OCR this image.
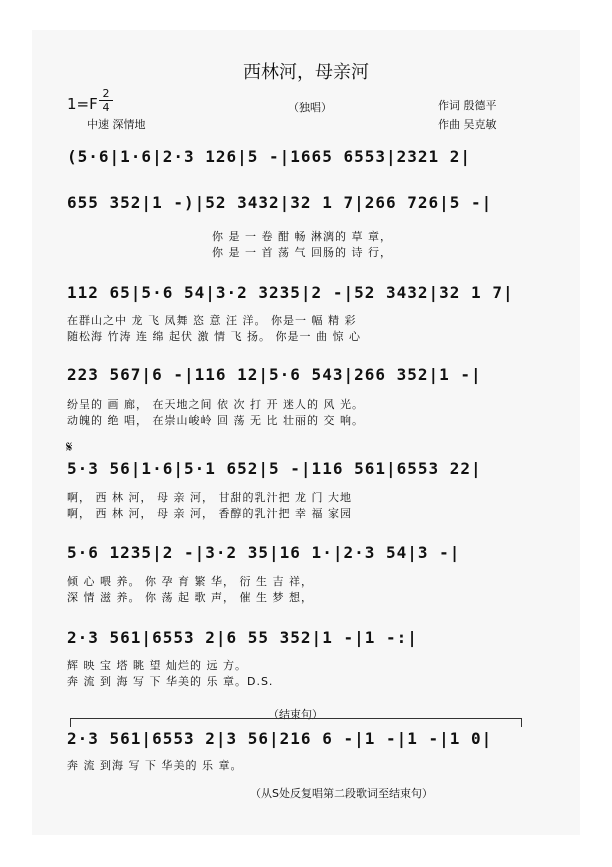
西林河，母亲河
1=F
2
4
中速 深情地
（独唱）	作词 殷德平
作曲 吴克敏
(5·6|1·6|2·3 126|5 -|1665 6553|2321 2|
655 352|1 -)|52 3432|32 1 7|266 726|5 -|
你 是 一 卷 酣 畅 淋漓的 草 章，
你 是 一 首 荡 气 回肠的 诗 行，
112 65|5·6 54|3·2 3235|2 -|52 3432|32 1 7|
在群山之中 龙 飞 凤舞 恣 意 汪 洋。 你是一 幅 精 彩
随松海 竹涛 连 绵 起伏 激 情 飞 扬。 你是一 曲 惊 心
223 567|6 -|116 12|5·6 543|266 352|1 -|
纷呈的 画 廊， 在天地之间 依 次 打 开 迷人的 风 光。
动魄的 绝 唱， 在崇山峻岭 回 荡 无 比 壮丽的 交 响。
𝄋
5·3 56|1·6|5·1 652|5 -|116 561|6553 22|
啊， 西 林 河， 母 亲 河， 甘甜的乳汁把 龙 门 大地
啊， 西 林 河， 母 亲 河， 香醇的乳汁把 幸 福 家园
5·6 1235|2 -|3·2 35|16 1·|2·3 54|3 -|
倾 心 喂 养。 你 孕 育 繁 华， 衍 生 吉 祥，
深 情 滋 养。 你 荡 起 歌 声， 催 生 梦 想，
2·3 561|6553 2|6 55 352|1 -|1 -:|
辉 映 宝 塔 眺 望 灿烂的 远 方。
奔 流 到 海 写 下 华美的 乐 章。D.S.
（结束句）
2·3 561|6553 2|3 56|216 6 -|1 -|1 -|1 0|
奔 流 到海 写 下 华美的 乐 章。
（从S处反复唱第二段歌词至结束句）
